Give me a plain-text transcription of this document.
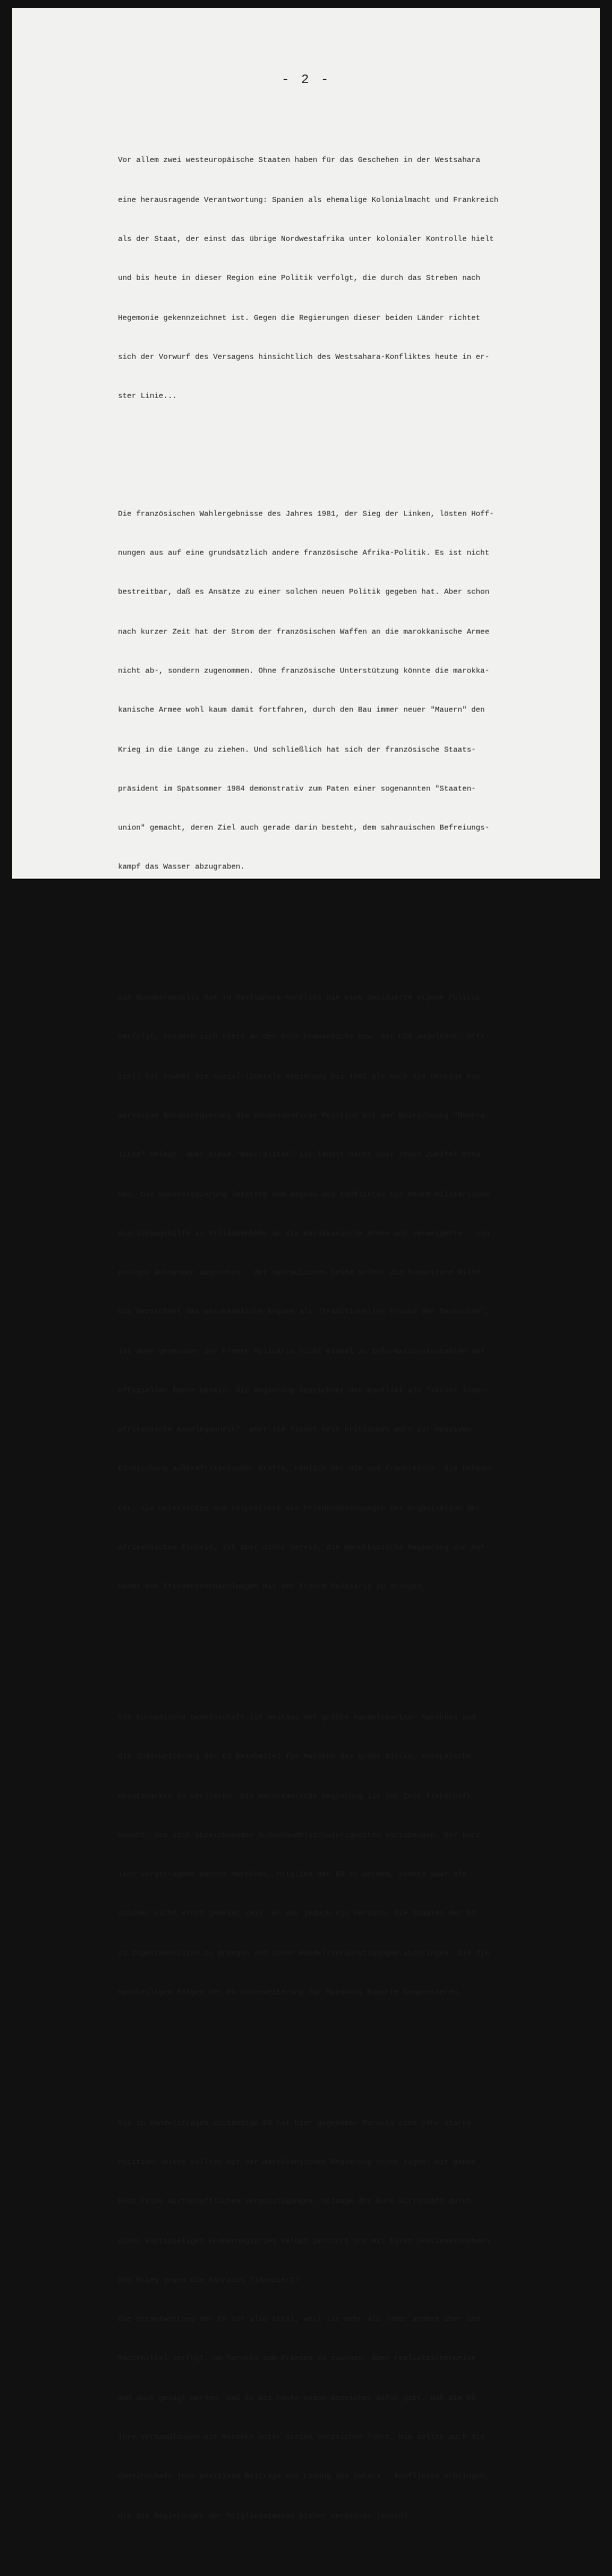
- 2 -

Vor allem zwei westeuropäische Staaten haben für das Geschehen in der Westsahara

eine herausragende Verantwortung: Spanien als ehemalige Kolonialmacht und Frankreich

als der Staat, der einst das übrige Nordwestafrika unter kolonialer Kontrolle hielt

und bis heute in dieser Region eine Politik verfolgt, die durch das Streben nach

Hegemonie gekennzeichnet ist. Gegen die Regierungen dieser beiden Länder richtet

sich der Vorwurf des Versagens hinsichtlich des Westsahara-Konfliktes heute in er-

ster Linie...

Die französischen Wahlergebnisse des Jahres 1981, der Sieg der Linken, lösten Hoff-

nungen aus auf eine grundsätzlich andere französische Afrika-Politik. Es ist nicht

bestreitbar, daß es Ansätze zu einer solchen neuen Politik gegeben hat. Aber schon

nach kurzer Zeit hat der Strom der französischen Waffen an die marokkanische Armee

nicht ab-, sondern zugenommen. Ohne französische Unterstützung könnte die marokka-

kanische Armee wohl kaum damit fortfahren, durch den Bau immer neuer "Mauern" den

Krieg in die Länge zu ziehen. Und schließlich hat sich der französische Staats-

präsident im Spätsommer 1984 demonstrativ zum Paten einer sogenannten "Staaten-

union" gemacht, deren Ziel auch gerade darin besteht, dem sahrauischen Befreiungs-

kampf das Wasser abzugraben.

Die Bundesrepublik hat im Westsahara-Konflikt nie eine dezidierte eigene Politik

verfolgt, sondern sich stets an den Kurs Frankreichs bzw. der USA angelehnt. Offi-

ziell hat sowohl die sozial-liberale Regierung bis 1982 als auch die heutige kon-

servative Bundesregierung die bundesdeutsche Position mit der Bezeichnung "Neutra-

lität" belegt, aber diese "Neutralität" ist längst nicht über jeden Zweifel erha-

ben. Die Bundesregierung leistete vom Beginn des Konfliktes bis heute militärische

Ausrüstungshilfe in Millionenhöhe an die marokkanische Armee und verweigerte - von

einigen Ausnahmen abgesehen - der sahrauischen Seite selbst die humanitäre Hilfe.

Sie bezeichnet das marokkanische Regime als "traditionellen Freund der Deutschen",

ist aber gegenüber der Frente Polisario nicht einmal zu Informationskontakten auf

offizieller Ebene bereit. Die Regierung bezeichnet den Konflikt als "strikt inner-

afrikanische Angelegenheit", aber sie findet kein kritisches Wort zur massiven

Einmischung außerafrikanischer Kräfte, nämlich der USA und Frankreichs. Sie behaup-

tet, sie unterstütze und respektiere die Friedensbemühungen der Organisation der

Afrikanischen Einheit, ist aber nicht bereit, die marokkanische Regierung zur Auf-

nahme von Friedensverhandlungen mit der Frente Polisario zu drängen.

Die Europäische Gemeinschaft ist weitaus der größte Handelspartner Marokkos und

die Süderweiterung der EG beinhaltet für Marokko das große Risiko, europäische

Absatzmärkte zu verlieren. Die marokkanische Regierung ist zur Zeit fieberhaft

bemüht, den sich abzeichnenden Außenhandelsschwierigkeiten vorzubeugen. Der kürz-

lich vorgetragene Wunsch Marokkos, Mitglied der EG zu werden, konnte zwar als

solcher nicht ernst gemeint sein. Er war jedoch ein Versuch, die Staaten der EG

zu Zugeständnissen zu drängen und ihnen Handelsvergünstigungen abzuringen, die die

nachteiligen Folgen der EG-Süderweiterung für Marokkos Exporte kompensieren.

Die in Handelsfragen zuständige EG hat hier gegenüber Marokko eine sehr starke

Position. Wieso sollten wir der marokkanischen Regierung nicht sagen: Wir geben

Euch keine wirtschaftlichen Vergünstigungen, solange Ihr Eure Wirtschaft durch

einen kostspieligen Eroberungskrieg selbst zerstört und mit Euren Deviseneinnahmen

den Krieg gegen die Sahrauis finanziert?

Die Verantwortung der EG ist also total, weil sie mehr als jeder andere über die

Machtmittel verfügt, um Marokko zum Frieden zu zwingen. Aber realistischerweise

muß auch gesagt werden, daß es bis heute keine Anzeichen dafür gibt, daß die EG

ihre Verhandlungen mit Marokko unter diesen Vorzeichen führt. Wie sollte auch die

Gemeinschaft jene positiven Beiträge zur Lösung des Sahara - Konfliktes erbringen,

die die Regierungen der Mitgliedstaaten bisher vermissen lassen?
